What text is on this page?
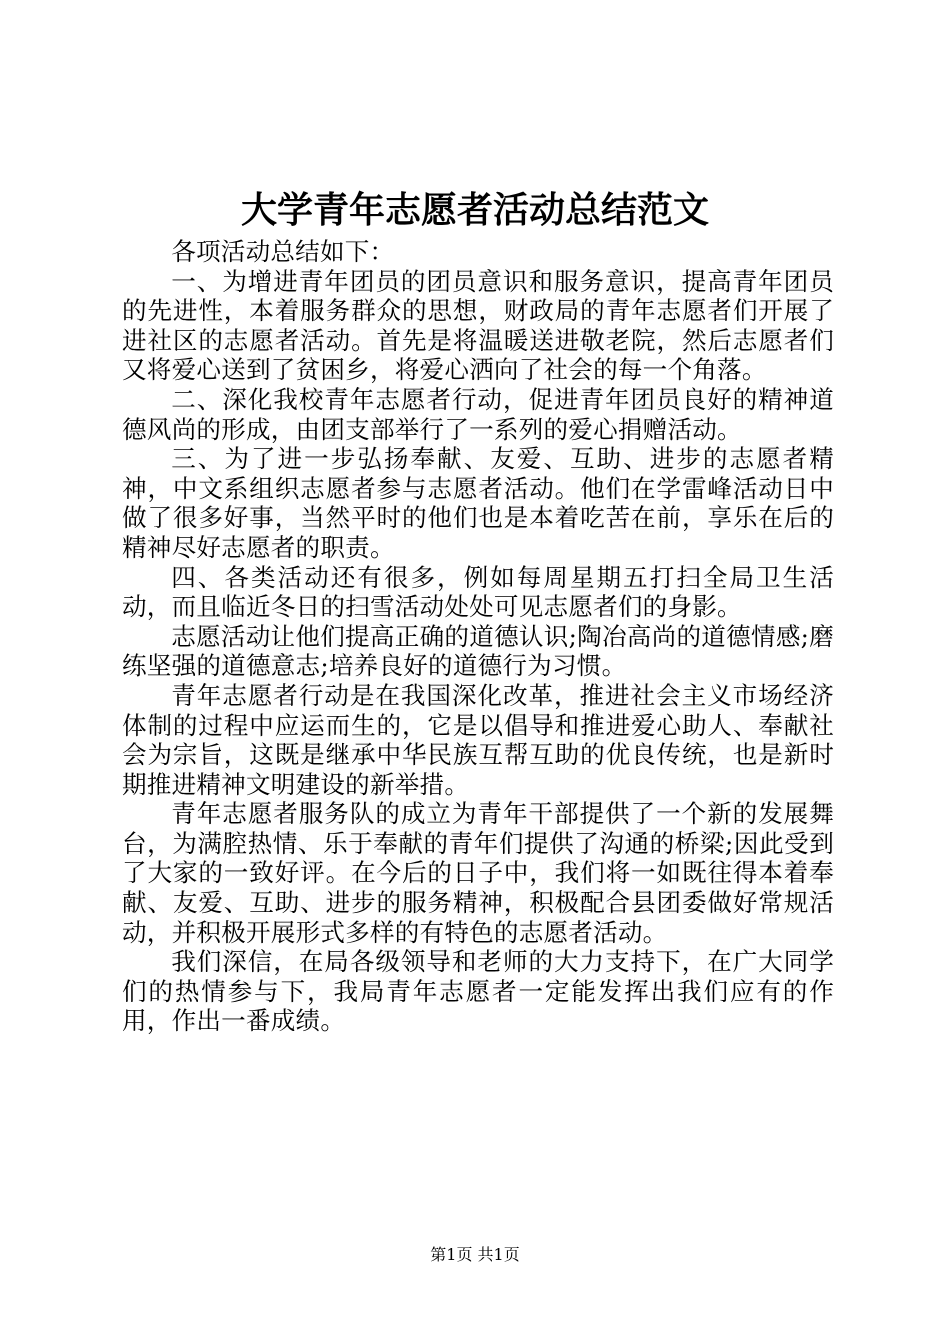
大学青年志愿者活动总结范文

各项活动总结如下：

一、为增进青年团员的团员意识和服务意识，提高青年团员的先进性，本着服务群众的思想，财政局的青年志愿者们开展了进社区的志愿者活动。首先是将温暖送进敬老院，然后志愿者们又将爱心送到了贫困乡，将爱心洒向了社会的每一个角落。

二、深化我校青年志愿者行动，促进青年团员良好的精神道德风尚的形成，由团支部举行了一系列的爱心捐赠活动。

三、为了进一步弘扬奉献、友爱、互助、进步的志愿者精神，中文系组织志愿者参与志愿者活动。他们在学雷峰活动日中做了很多好事，当然平时的他们也是本着吃苦在前，享乐在后的精神尽好志愿者的职责。

四、各类活动还有很多，例如每周星期五打扫全局卫生活动，而且临近冬日的扫雪活动处处可见志愿者们的身影。

志愿活动让他们提高正确的道德认识;陶冶高尚的道德情感;磨练坚强的道德意志;培养良好的道德行为习惯。

青年志愿者行动是在我国深化改革，推进社会主义市场经济体制的过程中应运而生的，它是以倡导和推进爱心助人、奉献社会为宗旨，这既是继承中华民族互帮互助的优良传统，也是新时期推进精神文明建设的新举措。

青年志愿者服务队的成立为青年干部提供了一个新的发展舞台，为满腔热情、乐于奉献的青年们提供了沟通的桥梁;因此受到了大家的一致好评。在今后的日子中，我们将一如既往得本着奉献、友爱、互助、进步的服务精神，积极配合县团委做好常规活动，并积极开展形式多样的有特色的志愿者活动。

我们深信，在局各级领导和老师的大力支持下，在广大同学们的热情参与下，我局青年志愿者一定能发挥出我们应有的作用，作出一番成绩。

第1页 共1页
